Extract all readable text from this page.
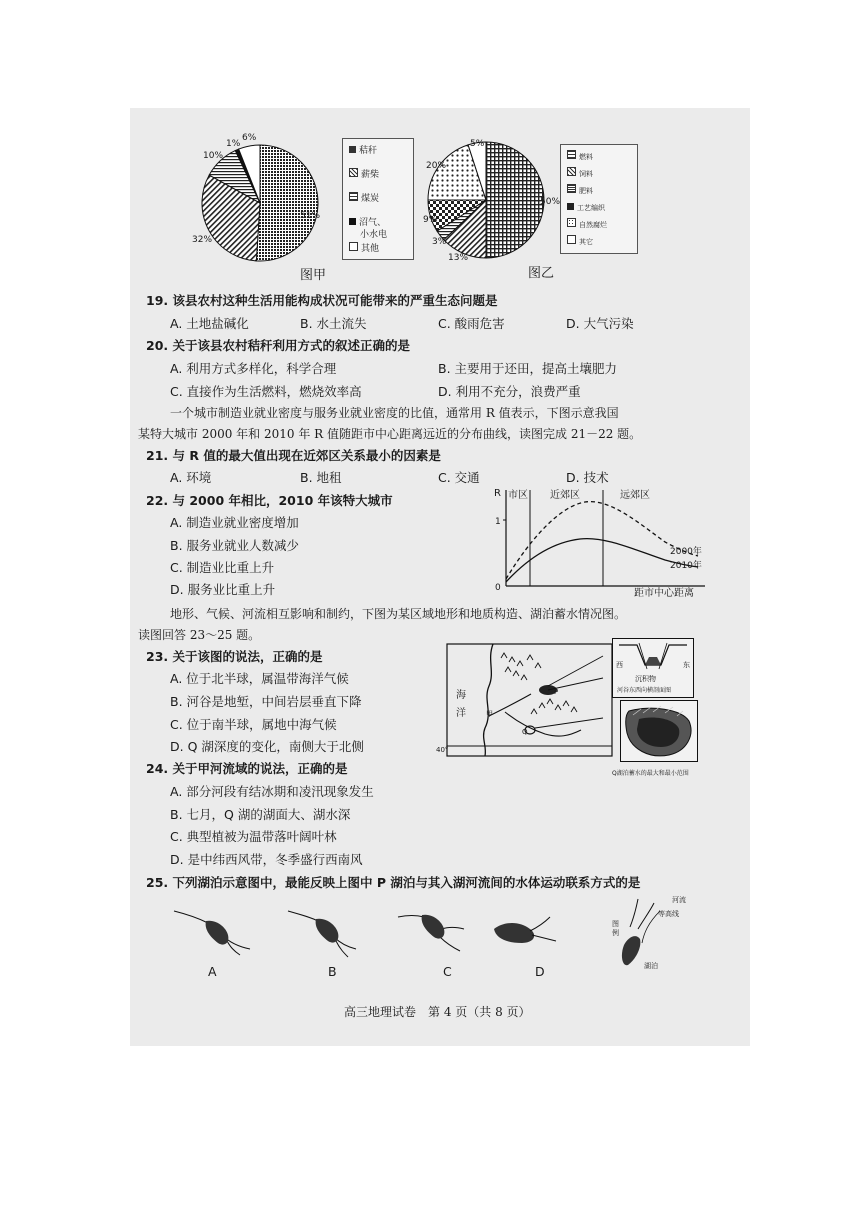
51%
32%
10%
1%
6%
秸秆
薪柴
煤炭
沼气、
小水电
其他
50%
13%
3%
9%
20%
5%
燃料
饲料
肥料
工艺编织
自然腐烂
其它
图甲	图乙
19. 该县农村这种生活用能构成状况可能带来的严重生态问题是
A. 土地盐碱化	B. 水土流失	C. 酸雨危害	D. 大气污染
20. 关于该县农村秸秆利用方式的叙述正确的是
A. 利用方式多样化，科学合理	B. 主要用于还田，提高土壤肥力
C. 直接作为生活燃料，燃烧效率高	D. 利用不充分，浪费严重
一个城市制造业就业密度与服务业就业密度的比值，通常用 R 值表示，下图示意我国
某特大城市 2000 年和 2010 年 R 值随距市中心距离远近的分布曲线，读图完成 21－22 题。
21. 与 R 值的最大值出现在近郊区关系最小的因素是
A. 环境	B. 地租	C. 交通	D. 技术
22. 与 2000 年相比，2010 年该特大城市
A. 制造业就业密度增加
B. 服务业就业人数减少
C. 制造业比重上升
D. 服务业比重上升
R
1
0
市区 近郊区	远郊区
2000年
2010年
距市中心距离
地形、气候、河流相互影响和制约，下图为某区域地形和地质构造、湖泊蓄水情况图。
读图回答 23～25 题。
23. 关于该图的说法，正确的是
A. 位于北半球，属温带海洋气候
B. 河谷是地堑，中间岩层垂直下降
C. 位于南半球，属地中海气候
D. Q 湖深度的变化，南侧大于北侧
海
洋	甲
P
Q
40°
西	东
沉积物
河谷东西向横剖面图
Q湖泊蓄水的最大和最小范围
24. 关于甲河流域的说法，正确的是
A. 部分河段有结冰期和凌汛现象发生
B. 七月，Q 湖的湖面大、湖水深
C. 典型植被为温带落叶阔叶林
D. 是中纬西风带，冬季盛行西南风
25. 下列湖泊示意图中，最能反映上图中 P 湖泊与其入湖河流间的水体运动联系方式的是
A	B	C	D
河流
等高线
图例
湖泊
高三地理试卷　第 4 页（共 8 页）
